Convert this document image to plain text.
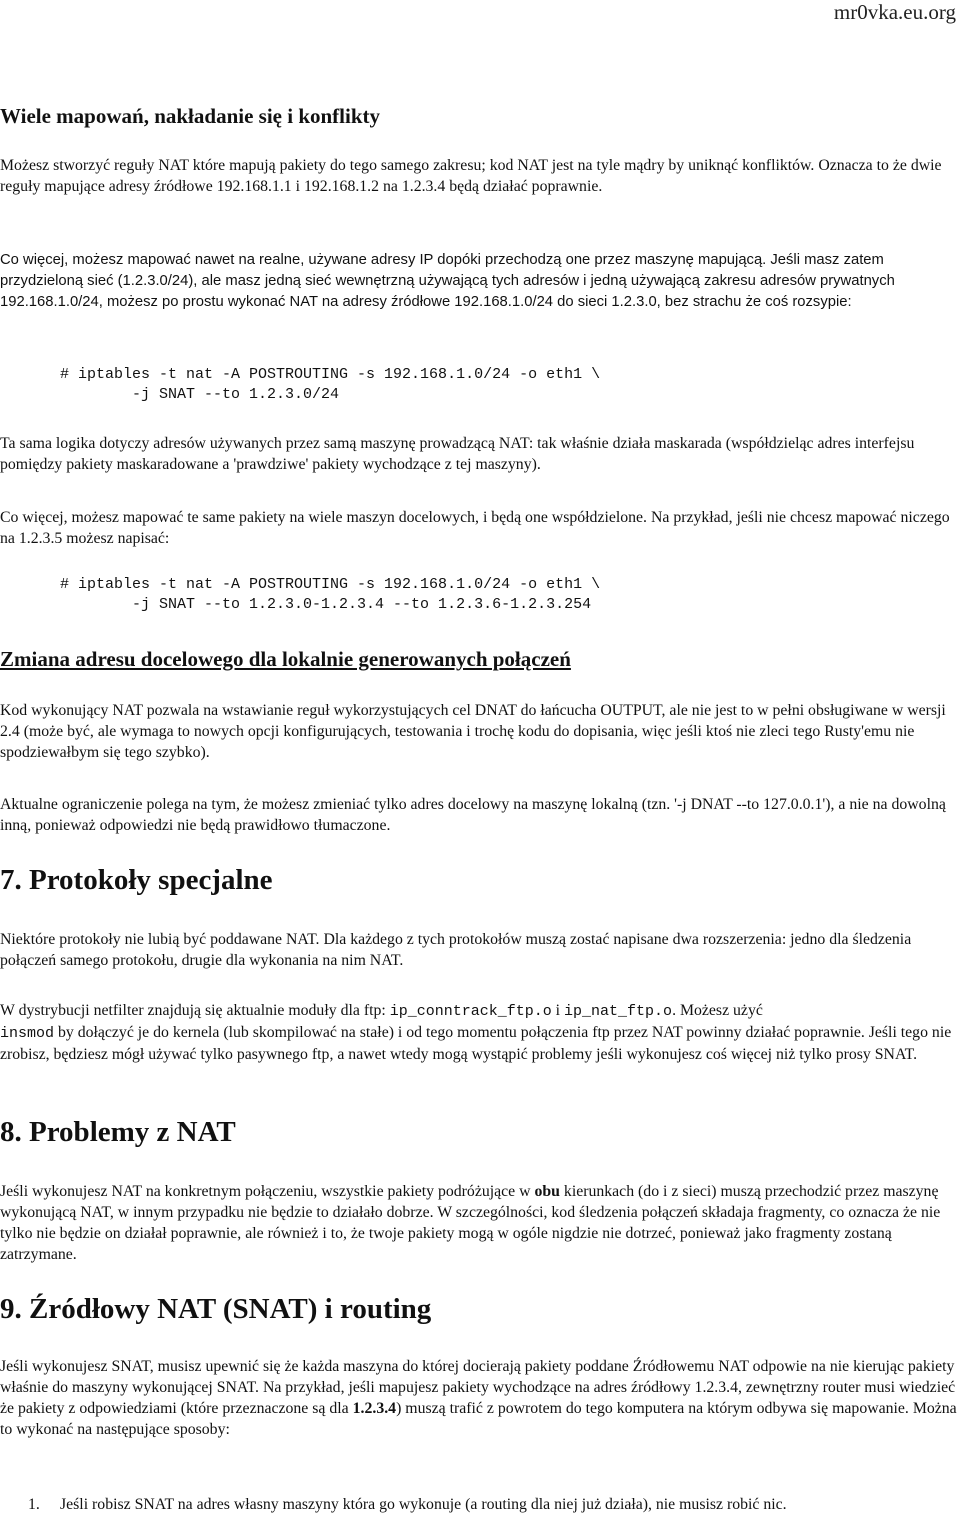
mr0vka.eu.org
Wiele mapowań, nakładanie się i konflikty

Możesz stworzyć reguły NAT które mapują pakiety do tego samego zakresu; kod NAT jest na tyle mądry by uniknąć konfliktów. Oznacza to że dwie reguły mapujące adresy źródłowe 192.168.1.1 i 192.168.1.2 na 1.2.3.4 będą działać poprawnie.

Co więcej, możesz mapować nawet na realne, używane adresy IP dopóki przechodzą one przez maszynę mapującą. Jeśli masz zatem przydzieloną sieć (1.2.3.0/24), ale masz jedną sieć wewnętrzną używającą tych adresów i jedną używającą zakresu adresów prywatnych 192.168.1.0/24, możesz po prostu wykonać NAT na adresy źródłowe 192.168.1.0/24 do sieci 1.2.3.0, bez strachu że coś rozsypie:

# iptables -t nat -A POSTROUTING -s 192.168.1.0/24 -o eth1 \
-j SNAT --to 1.2.3.0/24

Ta sama logika dotyczy adresów używanych przez samą maszynę prowadzącą NAT: tak właśnie działa maskarada (współdzieląc adres interfejsu pomiędzy pakiety maskaradowane a 'prawdziwe' pakiety wychodzące z tej maszyny).

Co więcej, możesz mapować te same pakiety na wiele maszyn docelowych, i będą one współdzielone. Na przykład, jeśli nie chcesz mapować niczego na 1.2.3.5 możesz napisać:

# iptables -t nat -A POSTROUTING -s 192.168.1.0/24 -o eth1 \
-j SNAT --to 1.2.3.0-1.2.3.4 --to 1.2.3.6-1.2.3.254
Zmiana adresu docelowego dla lokalnie generowanych połączeń

Kod wykonujący NAT pozwala na wstawianie reguł wykorzystujących cel DNAT do łańcucha OUTPUT, ale nie jest to w pełni obsługiwane w wersji 2.4 (może być, ale wymaga to nowych opcji konfigurujących, testowania i trochę kodu do dopisania, więc jeśli ktoś nie zleci tego Rusty'emu nie spodziewałbym się tego szybko).

Aktualne ograniczenie polega na tym, że możesz zmieniać tylko adres docelowy na maszynę lokalną (tzn. '-j DNAT --to 127.0.0.1'), a nie na dowolną inną, ponieważ odpowiedzi nie będą prawidłowo tłumaczone.

7. Protokoły specjalne

Niektóre protokoły nie lubią być poddawane NAT. Dla każdego z tych protokołów muszą zostać napisane dwa rozszerzenia: jedno dla śledzenia połączeń samego protokołu, drugie dla wykonania na nim NAT.

W dystrybucji netfilter znajdują się aktualnie moduły dla ftp: ip_conntrack_ftp.o i ip_nat_ftp.o. Możesz użyć
insmod by dołączyć je do kernela (lub skompilować na stałe) i od tego momentu połączenia ftp przez NAT powinny działać poprawnie. Jeśli tego nie zrobisz, będziesz mógł używać tylko pasywnego ftp, a nawet wtedy mogą wystąpić problemy jeśli wykonujesz coś więcej niż tylko prosy SNAT.

8. Problemy z NAT

Jeśli wykonujesz NAT na konkretnym połączeniu, wszystkie pakiety podróżujące w obu kierunkach (do i z sieci) muszą przechodzić przez maszynę wykonującą NAT, w innym przypadku nie będzie to działało dobrze. W szczególności, kod śledzenia połączeń składaja fragmenty, co oznacza że nie tylko nie będzie on działał poprawnie, ale również i to, że twoje pakiety mogą w ogóle nigdzie nie dotrzeć, ponieważ jako fragmenty zostaną zatrzymane.

9. Źródłowy NAT (SNAT) i routing

Jeśli wykonujesz SNAT, musisz upewnić się że każda maszyna do której docierają pakiety poddane Źródłowemu NAT odpowie na nie kierując pakiety właśnie do maszyny wykonującej SNAT. Na przykład, jeśli mapujesz pakiety wychodzące na adres źródłowy 1.2.3.4, zewnętrzny router musi wiedzieć że pakiety z odpowiedziami (które przeznaczone są dla 1.2.3.4) muszą trafić z powrotem do tego komputera na którym odbywa się mapowanie. Można to wykonać na następujące sposoby:

1. Jeśli robisz SNAT na adres własny maszyny która go wykonuje (a routing dla niej już działa), nie musisz robić nic.
